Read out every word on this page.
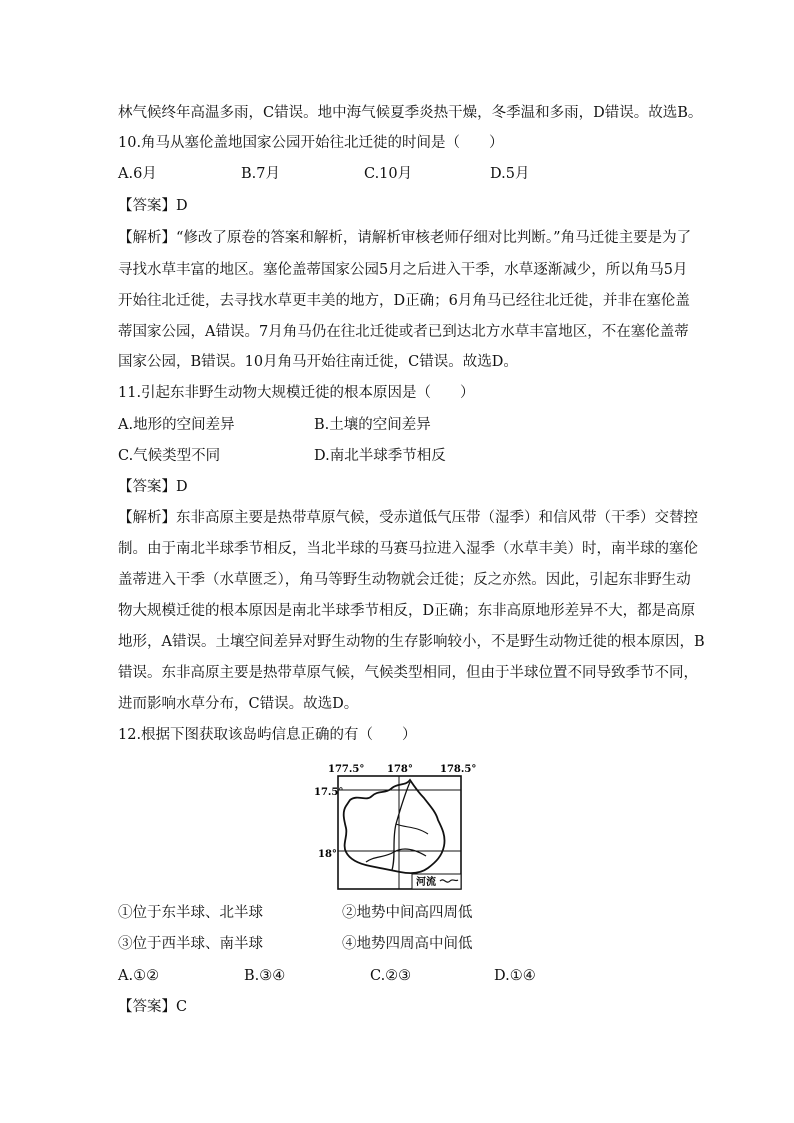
林气候终年高温多雨，C错误。地中海气候夏季炎热干燥，冬季温和多雨，D错误。故选B。
10.角马从塞伦盖地国家公园开始往北迁徙的时间是（　　）
A.6月	B.7月	C.10月	D.5月
【答案】D
【解析】“修改了原卷的答案和解析，请解析审核老师仔细对比判断。”角马迁徙主要是为了
寻找水草丰富的地区。塞伦盖蒂国家公园5月之后进入干季，水草逐渐减少，所以角马5月
开始往北迁徙，去寻找水草更丰美的地方，D正确；6月角马已经往北迁徙，并非在塞伦盖
蒂国家公园，A错误。7月角马仍在往北迁徙或者已到达北方水草丰富地区，不在塞伦盖蒂
国家公园，B错误。10月角马开始往南迁徙，C错误。故选D。
11.引起东非野生动物大规模迁徙的根本原因是（　　）
A.地形的空间差异	B.土壤的空间差异
C.气候类型不同	D.南北半球季节相反
【答案】D
【解析】东非高原主要是热带草原气候，受赤道低气压带（湿季）和信风带（干季）交替控
制。由于南北半球季节相反，当北半球的马赛马拉进入湿季（水草丰美）时，南半球的塞伦
盖蒂进入干季（水草匮乏），角马等野生动物就会迁徙；反之亦然。因此，引起东非野生动
物大规模迁徙的根本原因是南北半球季节相反，D正确；东非高原地形差异不大，都是高原
地形，A错误。土壤空间差异对野生动物的生存影响较小，不是野生动物迁徙的根本原因，B
错误。东非高原主要是热带草原气候，气候类型相同，但由于半球位置不同导致季节不同，
进而影响水草分布，C错误。故选D。
12.根据下图获取该岛屿信息正确的有（　　）
177.5° 178°	178.5°
17.5°
18°
河流
①位于东半球、北半球	②地势中间高四周低
③位于西半球、南半球	④地势四周高中间低
A.①②	B.③④	C.②③	D.①④
【答案】C
